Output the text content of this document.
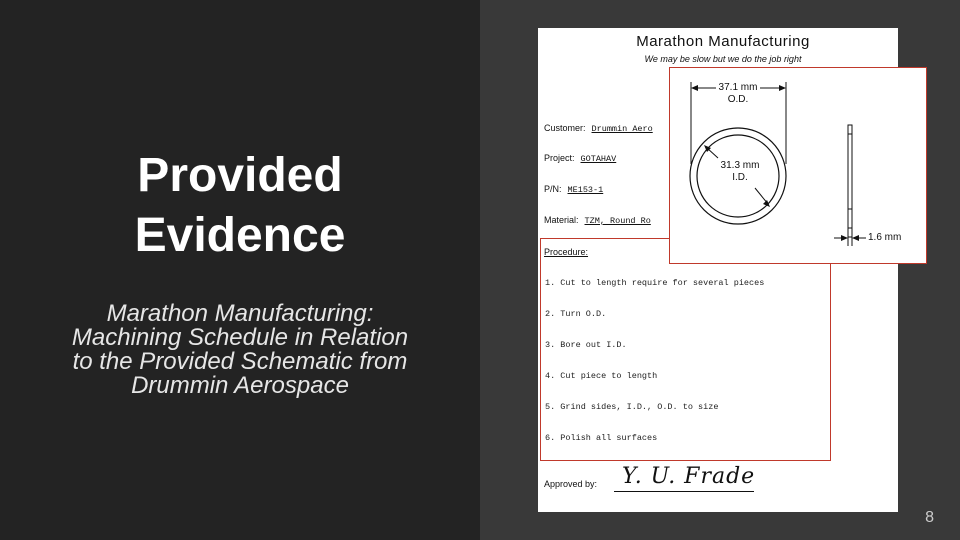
Provided
Evidence
Marathon Manufacturing:
Machining Schedule in Relation
to the Provided Schematic from
Drummin Aerospace
Marathon Manufacturing
We may be slow but we do the job right
Customer: Drummin Aero
Project: GOTAHAV
P/N: ME153-1
Material: TZM, Round Ro
Procedure:
1. Cut to length require for several pieces
2. Turn O.D.
3. Bore out I.D.
4. Cut piece to length
5. Grind sides, I.D., O.D. to size
6. Polish all surfaces
Approved by: Y. U. Frade
37.1 mm
O.D.
31.3 mm
I.D.
1.6 mm
8
